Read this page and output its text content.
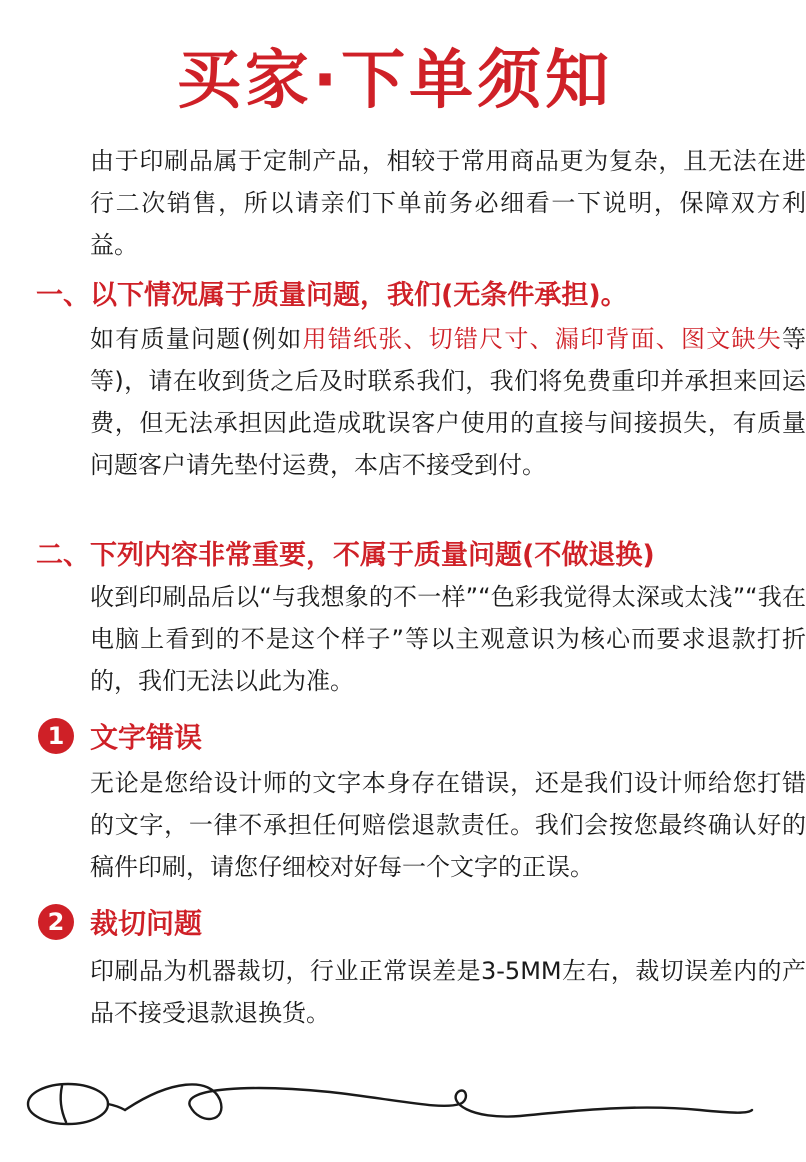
买家·下单须知
由于印刷品属于定制产品，相较于常用商品更为复杂，且无法在进行二次销售，所以请亲们下单前务必细看一下说明，保障双方利益。
一、以下情况属于质量问题，我们(无条件承担)。
如有质量问题(例如用错纸张、切错尺寸、漏印背面、图文缺失等等)，请在收到货之后及时联系我们，我们将免费重印并承担来回运费，但无法承担因此造成耽误客户使用的直接与间接损失，有质量问题客户请先垫付运费，本店不接受到付。
二、下列内容非常重要，不属于质量问题(不做退换)
收到印刷品后以“与我想象的不一样”“色彩我觉得太深或太浅”“我在电脑上看到的不是这个样子”等以主观意识为核心而要求退款打折的，我们无法以此为准。
1 文字错误
无论是您给设计师的文字本身存在错误，还是我们设计师给您打错的文字，一律不承担任何赔偿退款责任。我们会按您最终确认好的稿件印刷，请您仔细校对好每一个文字的正误。
2 裁切问题
印刷品为机器裁切，行业正常误差是3-5MM左右，裁切误差内的产品不接受退款退换货。
